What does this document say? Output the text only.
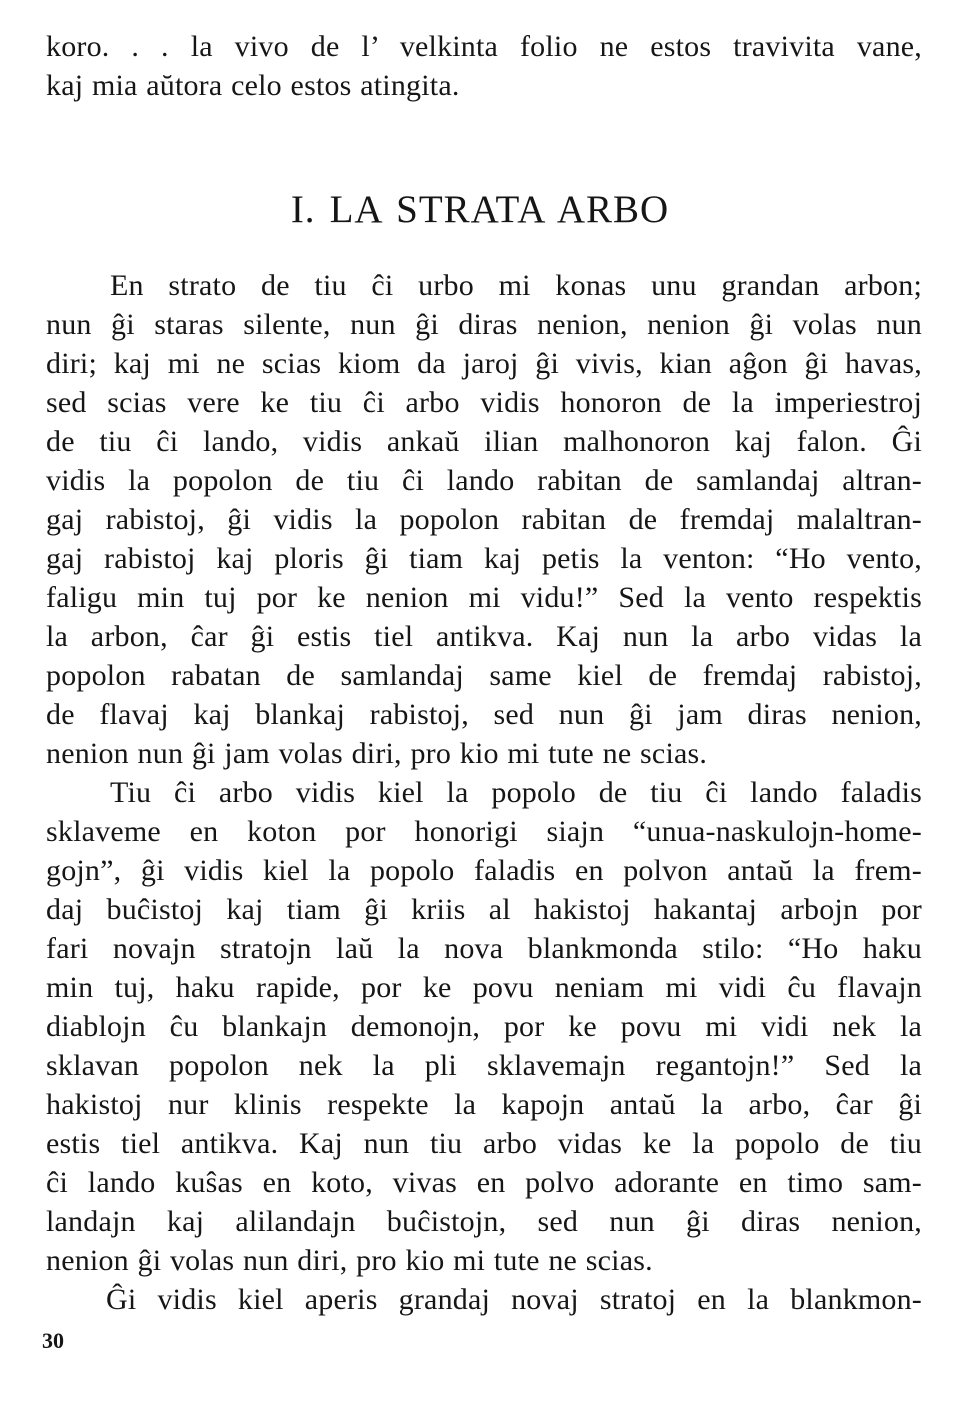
koro. . . la vivo de l’ velkinta folio ne estos travivita vane,
kaj mia aŭtora celo estos atingita.
I. LA STRATA ARBO
En strato de tiu ĉi urbo mi konas unu grandan arbon;
nun ĝi staras silente, nun ĝi diras nenion, nenion ĝi volas nun
diri; kaj mi ne scias kiom da jaroj ĝi vivis, kian aĝon ĝi havas,
sed scias vere ke tiu ĉi arbo vidis honoron de la imperiestroj
de tiu ĉi lando, vidis ankaŭ ilian malhonoron kaj falon. Ĝi
vidis la popolon de tiu ĉi lando rabitan de samlandaj altran-
gaj rabistoj, ĝi vidis la popolon rabitan de fremdaj malaltran-
gaj rabistoj kaj ploris ĝi tiam kaj petis la venton: “Ho vento,
faligu min tuj por ke nenion mi vidu!” Sed la vento respektis
la arbon, ĉar ĝi estis tiel antikva. Kaj nun la arbo vidas la
popolon rabatan de samlandaj same kiel de fremdaj rabistoj,
de flavaj kaj blankaj rabistoj, sed nun ĝi jam diras nenion,
nenion nun ĝi jam volas diri, pro kio mi tute ne scias.
Tiu ĉi arbo vidis kiel la popolo de tiu ĉi lando faladis
sklaveme en koton por honorigi siajn “unua-naskulojn-home-
gojn”, ĝi vidis kiel la popolo faladis en polvon antaŭ la frem-
daj buĉistoj kaj tiam ĝi kriis al hakistoj hakantaj arbojn por
fari novajn stratojn laŭ la nova blankmonda stilo: “Ho haku
min tuj, haku rapide, por ke povu neniam mi vidi ĉu flavajn
diablojn ĉu blankajn demonojn, por ke povu mi vidi nek la
sklavan popolon nek la pli sklavemajn regantojn!” Sed la
hakistoj nur klinis respekte la kapojn antaŭ la arbo, ĉar ĝi
estis tiel antikva. Kaj nun tiu arbo vidas ke la popolo de tiu
ĉi lando kuŝas en koto, vivas en polvo adorante en timo sam-
landajn kaj alilandajn buĉistojn, sed nun ĝi diras nenion,
nenion ĝi volas nun diri, pro kio mi tute ne scias.
Ĝi vidis kiel aperis grandaj novaj stratoj en la blankmon-
30
